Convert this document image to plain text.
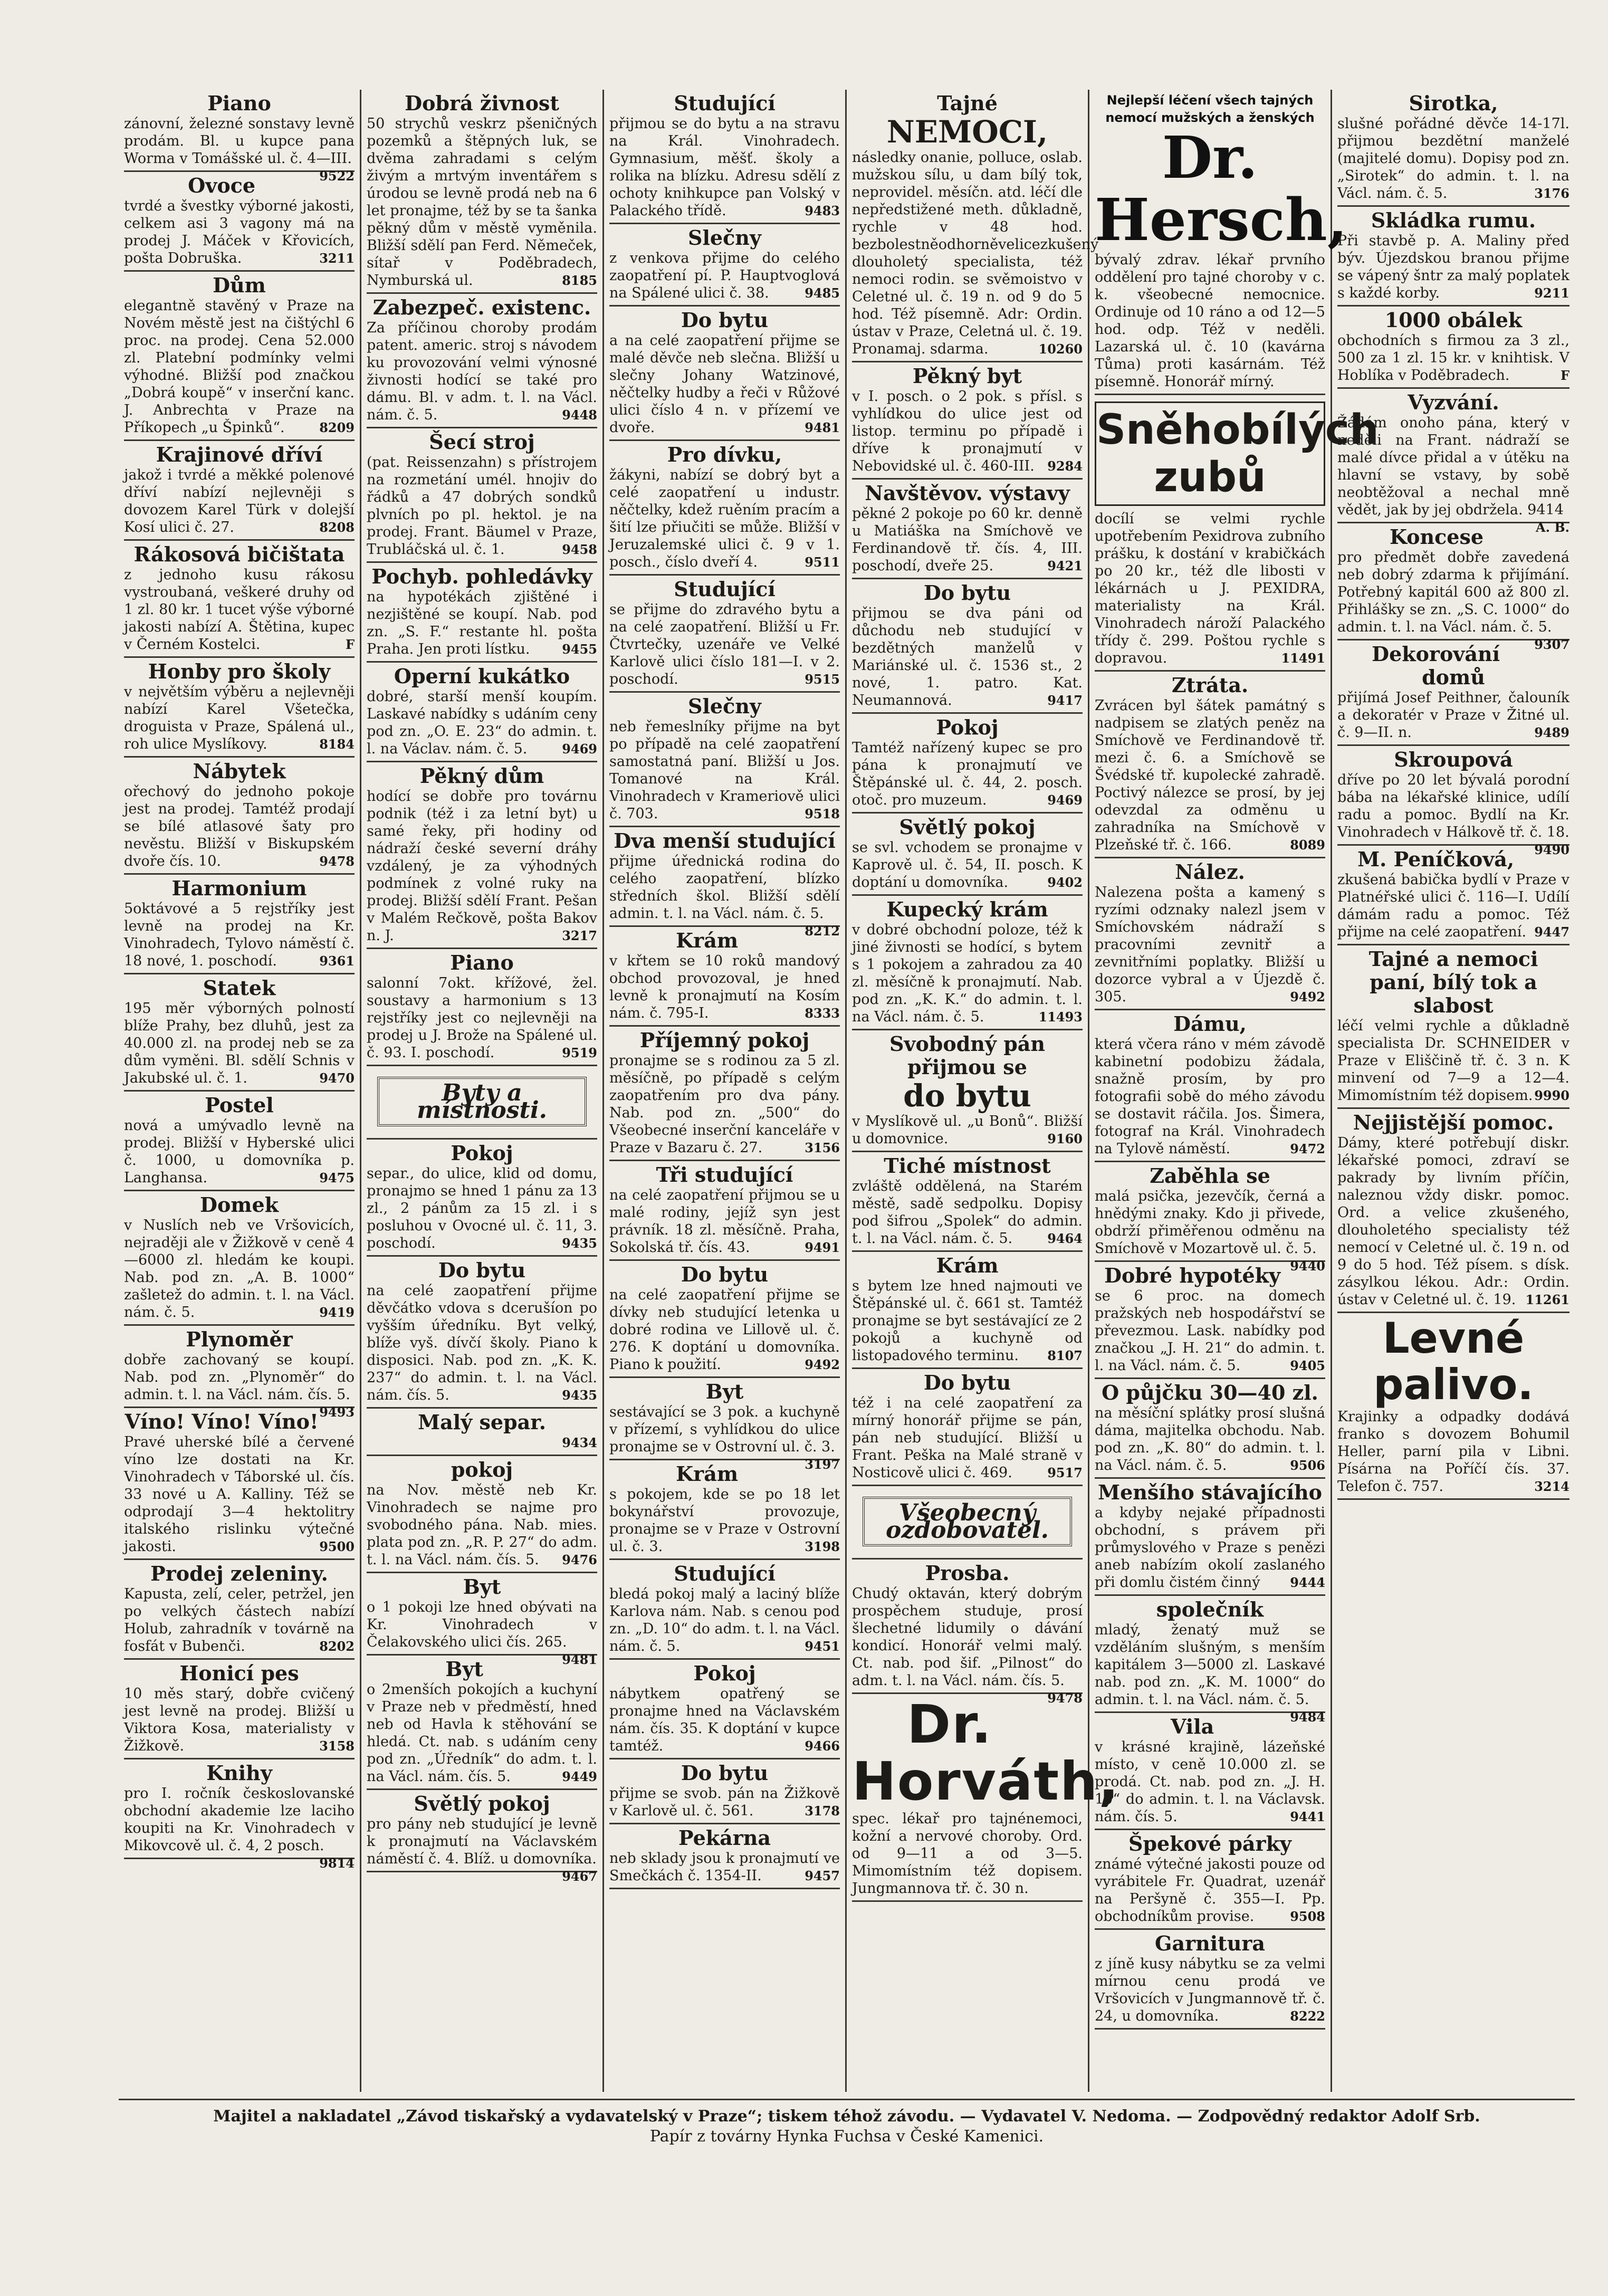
Piano

zánovní, železné sonstavy levně prodám. Bl. u kupce pana Worma v Tomášské ul. č. 4—III.
9522

Ovoce

tvrdé a švestky výborné jakosti, celkem asi 3 vagony má na prodej J. Máček v Křovicích, pošta Dobruška.	3211

Dům

elegantně stavěný v Praze na Novém městě jest na čištýchl 6 proc. na prodej. Cena 52.000 zl. Platební podmínky velmi výhodné. Bližší pod značkou „Dobrá koupě“ v inserční kanc. J. Anbrechta v Praze na Příkopech „u Špinků“.	8209

Krajinové dříví

jakož i tvrdé a měkké polenové dříví nabízí nejlevněji s dovozem Karel Türk v dolejší Kosí ulici č. 27.	8208

Rákosová bičištata

z jednoho kusu rákosu vystroubaná, veškeré druhy od 1 zl. 80 kr. 1 tucet výše výborné jakosti nabízí A. Štětina, kupec v Černém Kostelci.	F

Honby pro školy

v největším výběru a nejlevněji nabízí Karel Všetečka, droguista v Praze, Spálená ul., roh ulice Myslíkovy.	8184

Nábytek

ořechový do jednoho pokoje jest na prodej. Tamtéž prodají se bílé atlasové šaty pro nevěstu. Bližší v Biskupském dvoře čís. 10.	9478

Harmonium

5oktávové a 5 rejstříky jest levně na prodej na Kr. Vinohradech, Tylovo náměstí č. 18 nové, 1. poschodí.	9361

Statek

195 měr výborných polností blíže Prahy, bez dluhů, jest za 40.000 zl. na prodej neb se za dům vyměni. Bl. sdělí Schnis v Jakubské ul. č. 1.	9470

Postel

nová a umývadlo levně na prodej. Bližší v Hyberské ulici č. 1000, u domovníka p. Langhansa.	9475

Domek

v Nuslích neb ve Vršovicích, nejraději ale v Žižkově v ceně 4—6000 zl. hledám ke koupi. Nab. pod zn. „A. B. 1000“ zašletež do admin. t. l. na Václ. nám. č. 5.	9419

Plynoměr

dobře zachovaný se koupí. Nab. pod zn. „Plynoměr“ do admin. t. l. na Václ. nám. čís. 5.
9493

Víno! Víno! Víno!

Pravé uherské bílé a červené víno lze dostati na Kr. Vinohradech v Táborské ul. čís. 33 nové u A. Kalliny. Též se odprodají 3—4 hektolitry italského rislinku výtečné jakosti.	9500

Prodej zeleniny.

Kapusta, zelí, celer, petržel, jen po velkých částech nabízí Holub, zahradník v továrně na fosfát v Bubenči.	8202

Honicí pes

10 měs starý, dobře cvičený jest levně na prodej. Bližší u Viktora Kosa, materialisty v Žižkově.	3158

Knihy

pro I. ročník českoslovanské obchodní akademie lze laciho koupiti na Kr. Vinohradech v Mikovcově ul. č. 4, 2 posch.
9814

Dobrá živnost

50 strychů veskrz pšeničných pozemků a štěpných luk, se dvěma zahradami s celým živým a mrtvým inventářem s úrodou se levně prodá neb na 6 let pronajme, též by se ta šanka pěkný dům v městě vyměnila. Bližší sdělí pan Ferd. Němeček, sítař v Poděbradech, Nymburská ul.	8185

Zabezpeč. existenc.

Za příčinou choroby prodám patent. americ. stroj s návodem ku provozování velmi výnosné živnosti hodící se také pro dámu. Bl. v adm. t. l. na Václ. nám. č. 5.	9448

Šecí stroj

(pat. Reissenzahn) s přístrojem na rozmetání umél. hnojiv do řádků a 47 dobrých sondků plvních po pl. hektol. je na prodej. Frant. Bäumel v Praze, Trubláčská ul. č. 1.	9458

Pochyb. pohledávky

na hypotékách zjištěné i nezjištěné se koupí. Nab. pod zn. „S. F.“ restante hl. pošta Praha. Jen proti lístku.	9455

Operní kukátko

dobré, starší menší koupím. Laskavé nabídky s udáním ceny pod zn. „O. E. 23“ do admin. t. l. na Václav. nám. č. 5.	9469

Pěkný dům

hodící se dobře pro továrnu podnik (též i za letní byt) u samé řeky, při hodiny od nádraží české severní dráhy vzdálený, je za výhodných podmínek z volné ruky na prodej. Bližší sdělí Frant. Pešan v Malém Rečkově, pošta Bakov n. J.	3217

Piano

salonní 7okt. křížové, žel. soustavy a harmonium s 13 rejstříky jest co nejlevněji na prodej u J. Brože na Spálené ul. č. 93. I. poschodí.	9519

Byty a místnosti.
Pokoj

separ., do ulice, klid od domu, pronajmo se hned 1 pánu za 13 zl., 2 pánům za 15 zl. i s posluhou v Ovocné ul. č. 11, 3. poschodí.	9435

Do bytu

na celé zaopatření přijme děvčátko vdova s dcerušíon po vyšším úředníku. Byt velký, blíže vyš. dívčí školy. Piano k disposici. Nab. pod zn. „K. K. 237“ do admin. t. l. na Václ. nám. čís. 5.	9435

Malý separ.
9434
pokoj

na Nov. městě neb Kr. Vinohradech se najme pro svobodného pána. Nab. mies. plata pod zn. „R. P. 27“ do adm. t. l. na Václ. nám. čís. 5. 9476

Byt

o 1 pokoji lze hned obývati na Kr. Vinohradech v Čelakovského ulici čís. 265.
9481

Byt

o 2menších pokojích a kuchyní v Praze neb v předměstí, hned neb od Havla k stěhování se hledá. Ct. nab. s udáním ceny pod zn. „Úředník“ do adm. t. l. na Václ. nám. čís. 5.	9449

Světlý pokoj

pro pány neb studující je levně k pronajmutí na Václavském náměstí č. 4. Blíž. u domovníka.
9467

Studující

přijmou se do bytu a na stravu na Král. Vinohradech. Gymnasium, měšť. školy a rolika na blízku. Adresu sdělí z ochoty knihkupce pan Volský v Palackého třídě.	9483

Slečny

z venkova přijme do celého zaopatření pí. P. Hauptvoglová na Spálené ulici č. 38.	9485

Do bytu

a na celé zaopatření přijme se malé děvče neb slečna. Bližší u slečny Johany Watzinové, něčtelky hudby a řeči v Růžové ulici číslo 4 n. v přízemí ve dvoře.	9481

Pro dívku,

žákyni, nabízí se dobrý byt a celé zaopatření u industr. něčtelky, kdež ruěním pracím a šití lze přiučiti se může. Bližší v Jeruzalemské ulici č. 9 v 1. posch., číslo dveří 4.	9511

Studující

se přijme do zdravého bytu a na celé zaopatření. Bližší u Fr. Čtvrtečky, uzenáře ve Velké Karlově ulici číslo 181—I. v 2. poschodí.	9515

Slečny

neb řemeslníky přijme na byt po případě na celé zaopatření samostatná paní. Bližší u Jos. Tomanové na Král. Vinohradech v Krameriově ulici č. 703.	9518

Dva menší studující

přijme úřednická rodina do celého zaopatření, blízko středních škol. Bližší sdělí admin. t. l. na Václ. nám. č. 5.
8212

Krám

v křtem se 10 roků mandový obchod provozoval, je hned levně k pronajmutí na Kosím nám. č. 795-I.	8333

Příjemný pokoj

pronajme se s rodinou za 5 zl. měsíčně, po případě s celým zaopatřením pro dva pány. Nab. pod zn. „500“ do Všeobecné inserční kanceláře v Praze v Bazaru č. 27.	3156

Tři studující

na celé zaopatření přijmou se u malé rodiny, jejíž syn jest právník. 18 zl. měsíčně. Praha, Sokolská tř. čís. 43.	9491

Do bytu

na celé zaopatření přijme se dívky neb studující letenka u dobré rodina ve Lillově ul. č. 276. K doptání u domovníka. Piano k použití.	9492

Byt

sestávající se 3 pok. a kuchyně v přízemí, s vyhlídkou do ulice pronajme se v Ostrovní ul. č. 3.
3197

Krám

s pokojem, kde se po 18 let bokynářství provozuje, pronajme se v Praze v Ostrovní ul. č. 3.	3198

Studující

bledá pokoj malý a laciný blíže Karlova nám. Nab. s cenou pod zn. „D. 10“ do adm. t. l. na Václ. nám. č. 5.	9451

Pokoj

nábytkem opatřený se pronajme hned na Václavském nám. čís. 35. K doptání v kupce tamtéž.	9466

Do bytu

přijme se svob. pán na Žižkově v Karlově ul. č. 561.	3178

Pekárna

neb sklady jsou k pronajmutí ve Smečkách č. 1354-II.	9457

Tajné
NEMOCI,

následky onanie, polluce, oslab. mužskou sílu, u dam bílý tok, neprovidel. měsíčn. atd. léčí dle nepředstižené meth. důkladně, rychle v 48 hod. bezbolestněodhorněvelicezkušený dlouholetý specialista, též nemoci rodin. se svěmoistvo v Celetné ul. č. 19 n. od 9 do 5 hod. Též písemně. Adr: Ordin. ústav v Praze, Celetná ul. č. 19. Pronamaj. sdarma.	10260

Pěkný byt

v I. posch. o 2 pok. s přísl. s vyhlídkou do ulice jest od listop. terminu po případě i dříve k pronajmutí v Nebovidské ul. č. 460-III. 9284

Navštěvov. výstavy

pěkné 2 pokoje po 60 kr. denně u Matiáška na Smíchově ve Ferdinandově tř. čís. 4, III. poschodí, dveře 25.	9421

Do bytu

přijmou se dva páni od důchodu neb studující v bezdětných manželů v Mariánské ul. č. 1536 st., 2 nové, 1. patro. Kat. Neumannová.	9417

Pokoj

Tamtéž nařízený kupec se pro pána k pronajmutí ve Štěpánské ul. č. 44, 2. posch. otoč. pro muzeum.	9469

Světlý pokoj

se svl. vchodem se pronajme v Kaprově ul. č. 54, II. posch. K doptání u domovníka.	9402

Kupecký krám

v dobré obchodní poloze, též k jiné živnosti se hodící, s bytem s 1 pokojem a zahradou za 40 zl. měsíčně k pronajmutí. Nab. pod zn. „K. K.“ do admin. t. l. na Václ. nám. č. 5.	11493

Svobodný pán přijmou se
do bytu

v Myslíkově ul. „u Bonů“. Bližší u domovnice.	9160

Tiché místnost

zvláště oddělená, na Starém městě, sadě sedpolku. Dopisy pod šifrou „Spolek“ do admin. t. l. na Václ. nám. č. 5.	9464

Krám

s bytem lze hned najmouti ve Štěpánské ul. č. 661 st. Tamtéž pronajme se byt sestávající ze 2 pokojů a kuchyně od listopadového terminu. 8107

Do bytu

též i na celé zaopatření za mírný honorář přijme se pán, pán neb studující. Bližší u Frant. Peška na Malé straně v Nosticově ulici č. 469.	9517

Všeobecný ozdobovatel.
Prosba.

Chudý oktaván, který dobrým prospěchem studuje, prosí šlechetné lidumily o dávání kondicí. Honorář velmi malý. Ct. nab. pod šif. „Pilnost“ do adm. t. l. na Václ. nám. čís. 5.
9478

Dr. Horváth,

spec. lékař pro tajnénemoci, kožní a nervové choroby. Ord. od 9—11 a od 3—5. Mimomístním též dopisem. Jungmannova tř. č. 30 n.

Nejlepší léčení všech tajných nemocí mužských a ženských
Dr. Hersch,

bývalý zdrav. lékař prvního oddělení pro tajné choroby v c. k. všeobecné nemocnice. Ordinuje od 10 ráno a od 12—5 hod. odp. Též v neděli. Lazarská ul. č. 10 (kavárna Tůma) proti kasárnám. Též písemně. Honorář mírný.

Sněhobílých zubů

docílí se velmi rychle upotřebením Pexidrova zubního prášku, k dostání v krabičkách po 20 kr., též dle libosti v lékárnách u J. PEXIDRA, materialisty na Král. Vinohradech nároží Palackého třídy č. 299. Poštou rychle s dopravou.	11491

Ztráta.

Zvrácen byl šátek památný s nadpisem se zlatých peněz na Smíchově ve Ferdinandově tř. mezi č. 6. a Smíchově se Švédské tř. kupolecké zahradě. Poctivý nálezce se prosí, by jej odevzdal za odměnu u zahradníka na Smíchově v Plzeňské tř. č. 166.	8089

Nález.

Nalezena pošta a kamený s ryzími odznaky nalezl jsem v Smíchovském nádraží s pracovními zevnitř a zevnitřními poplatky. Bližší u dozorce vybral a v Újezdě č. 305.	9492

Dámu,

která včera ráno v mém závodě kabinetní podobizu žádala, snažně prosím, by pro fotografii sobě do mého závodu se dostavit ráčila. Jos. Šimera, fotograf na Král. Vinohradech na Tylově náměstí.	9472

Zaběhla se

malá psička, jezevčík, černá a hnědými znaky. Kdo ji přivede, obdrží přiměřenou odměnu na Smíchově v Mozartově ul. č. 5.
9440

Dobré hypotéky

se 6 proc. na domech pražských neb hospodářství se převezmou. Lask. nabídky pod značkou „J. H. 21“ do admin. t. l. na Václ. nám. č. 5.	9405

O půjčku 30—40 zl.

na měsíční splátky prosí slušná dáma, majitelka obchodu. Nab. pod zn. „K. 80“ do admin. t. l. na Václ. nám. č. 5.	9506

Menšího stávajícího

a kdyby nejaké případnosti obchodní, s právem při průmyslového v Praze s penězi aneb nabízím okolí zaslaného při domlu čistém činný 9444

společník

mladý, ženatý muž se vzděláním slušným, s menším kapitálem 3—5000 zl. Laskavé nab. pod zn. „K. M. 1000“ do admin. t. l. na Václ. nám. č. 5.
9484

Vila

v krásné krajině, lázeňské místo, v ceně 10.000 zl. se prodá. Ct. nab. pod zn. „J. H. 10“ do admin. t. l. na Václavsk. nám. čís. 5.	9441

Špekové párky

známé výtečné jakosti pouze od vyrábitele Fr. Quadrat, uzenář na Peršyně č. 355—I. Pp. obchodníkům provise.	9508

Garnitura

z jíně kusy nábytku se za velmi mírnou cenu prodá ve Vršovicích v Jungmannově tř. č. 24, u domovníka.	8222

Sirotka,

slušné pořádné děvče 14-17l. přijmou bezdětní manželé (majitelé domu). Dopisy pod zn. „Sirotek“ do admin. t. l. na Václ. nám. č. 5.	3176

Skládka rumu.

Při stavbě p. A. Maliny před býv. Újezdskou branou přijme se vápený šntr za malý poplatek s každé korby.	9211

1000 obálek

obchodních s firmou za 3 zl., 500 za 1 zl. 15 kr. v knihtisk. V Hoblíka v Poděbradech.	F

Vyzvání.

Žádám onoho pána, který v neděli na Frant. nádraží se malé dívce přidal a v útěku na hlavní se vstavy, by sobě neobtěžoval a nechal mně vědět, jak by jej obdržela. 9414
A. B.

Koncese

pro předmět dobře zavedená neb dobrý zdarma k přijímání. Potřebný kapitál 600 až 800 zl. Přihlášky se zn. „S. C. 1000“ do admin. t. l. na Václ. nám. č. 5.
9307

Dekorování domů

přijímá Josef Peithner, čalouník a dekoratér v Praze v Žitné ul. č. 9—II. n.	9489

Skroupová

dříve po 20 let bývalá porodní bába na lékařské klinice, udílí radu a pomoc. Bydlí na Kr. Vinohradech v Hálkově tř. č. 18.
9490

M. Peníčková,

zkušená babička bydlí v Praze v Platnéřské ulici č. 116—I. Udílí dámám radu a pomoc. Též přijme na celé zaopatření. 9447

Tajné a nemoci paní, bílý tok a slabost

léčí velmi rychle a důkladně specialista Dr. SCHNEIDER v Praze v Eliščině tř. č. 3 n. K minvení od 7—9 a 12—4. Mimomístním též dopisem. 9990

Nejjistější pomoc.

Dámy, které potřebují diskr. lékařské pomoci, zdraví se pakrady by livním příčin, naleznou vždy diskr. pomoc. Ord. a velice zkušeného, dlouholetého specialisty též nemocí v Celetné ul. č. 19 n. od 9 do 5 hod. Též písem. s dísk. zásylkou lékou. Adr.: Ordin. ústav v Celetné ul. č. 19. 11261

Levné palivo.

Krajinky a odpadky dodává franko s dovozem Bohumil Heller, parní pila v Libni. Písárna na Poříčí čís. 37. Telefon č. 757.	3214

Majitel a nakladatel „Závod tiskařský a vydavatelský v Praze“; tiskem téhož závodu. — Vydavatel V. Nedoma. — Zodpovědný redaktor Adolf Srb.
Papír z továrny Hynka Fuchsa v České Kamenici.
